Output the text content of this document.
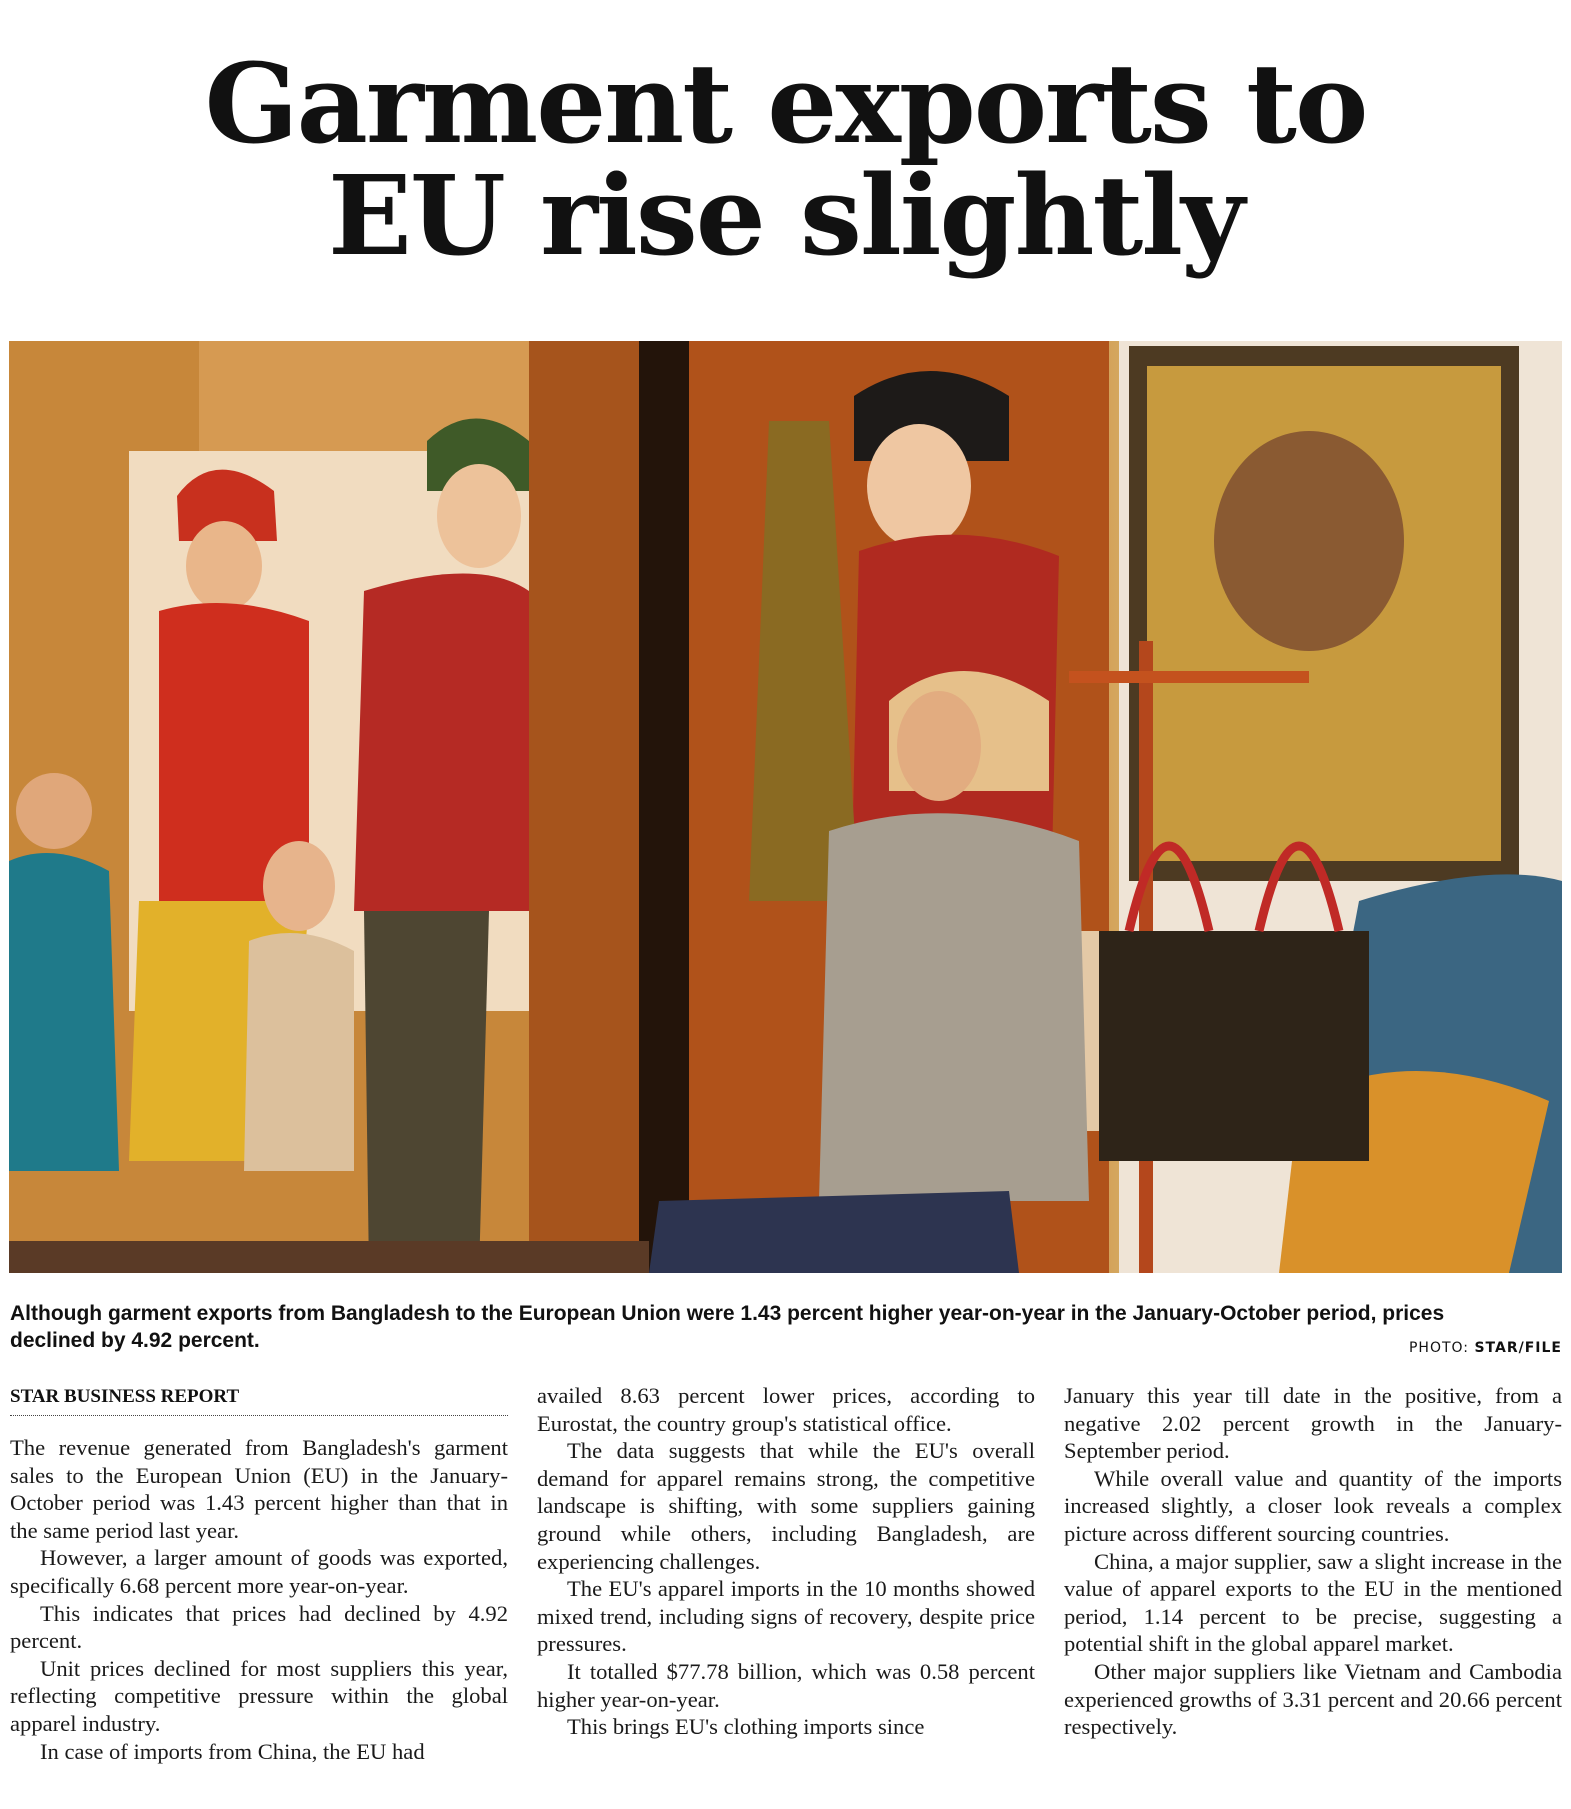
Garment exports to
EU rise slightly

Although garment exports from Bangladesh to the European Union were 1.43 percent higher year-on-year in the January-October period, prices declined by 4.92 percent.	PHOTO: STAR/FILE
STAR BUSINESS REPORT

The revenue generated from Bangladesh's garment sales to the European Union (EU) in the January-October period was 1.43 percent higher than that in the same period last year.

However, a larger amount of goods was exported, specifically 6.68 percent more year-on-year.

This indicates that prices had declined by 4.92 percent.

Unit prices declined for most suppliers this year, reflecting competitive pressure within the global apparel industry.

In case of imports from China, the EU had

availed 8.63 percent lower prices, according to Eurostat, the country group's statistical office.

The data suggests that while the EU's overall demand for apparel remains strong, the competitive landscape is shifting, with some suppliers gaining ground while others, including Bangladesh, are experiencing challenges.

The EU's apparel imports in the 10 months showed mixed trend, including signs of recovery, despite price pressures.

It totalled $77.78 billion, which was 0.58 percent higher year-on-year.

This brings EU's clothing imports since

January this year till date in the positive, from a negative 2.02 percent growth in the January-September period.

While overall value and quantity of the imports increased slightly, a closer look reveals a complex picture across different sourcing countries.

China, a major supplier, saw a slight increase in the value of apparel exports to the EU in the mentioned period, 1.14 percent to be precise, suggesting a potential shift in the global apparel market.

Other major suppliers like Vietnam and Cambodia experienced growths of 3.31 percent and 20.66 percent respectively.
